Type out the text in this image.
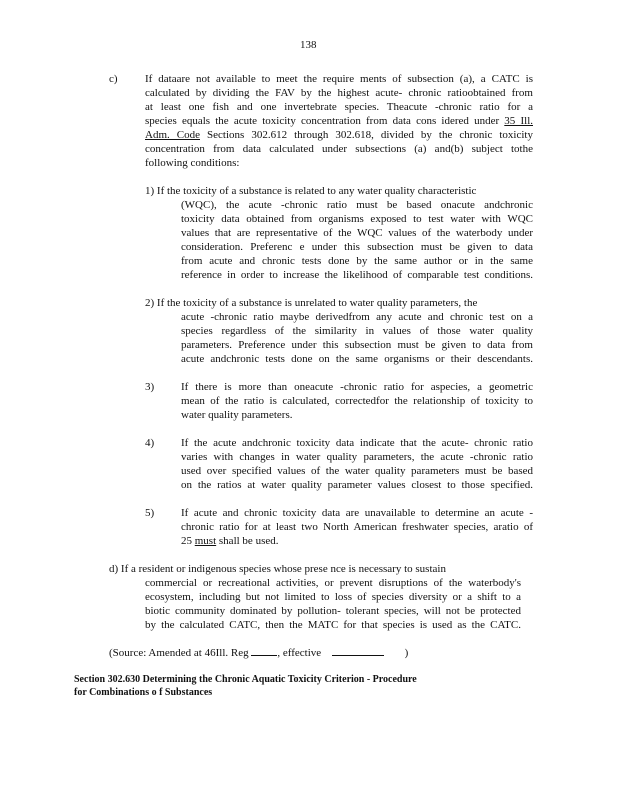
138
c) If dataare not available to meet the require ments of subsection (a), a CATC is
calculated by dividing the FAV by the highest acute- chronic ratioobtained from
at least one fish and one invertebrate species. Theacute -chronic ratio for a
species equals the acute toxicity concentration from data cons idered under 35 Ill.
Adm. Code Sections 302.612 through 302.618, divided by the chronic toxicity
concentration from data calculated under subsections (a) and(b) subject tothe
following conditions:
1) If the toxicity of a substance is related to any water quality characteristic
(WQC), the acute -chronic ratio must be based onacute andchronic
toxicity data obtained from organisms exposed to test water with WQC
values that are representative of the WQC values of the waterbody under
consideration. Preferenc e under this subsection must be given to data
from acute and chronic tests done by the same author or in the same
reference in order to increase the likelihood of comparable test conditions.
2) If the toxicity of a substance is unrelated to water quality parameters, the
acute -chronic ratio maybe derivedfrom any acute and chronic test on a
species regardless of the similarity in values of those water quality
parameters. Preference under this subsection must be given to data from
acute andchronic tests done on the same organisms or their descendants.
3) If there is more than oneacute -chronic ratio for aspecies, a geometric
mean of the ratio is calculated, correctedfor the relationship of toxicity to
water quality parameters.
4) If the acute andchronic toxicity data indicate that the acute- chronic ratio
varies with changes in water quality parameters, the acute -chronic ratio
used over specified values of the water quality parameters must be based
on the ratios at water quality parameter values closest to those specified.
5) If acute and chronic toxicity data are unavailable to determine an acute -
chronic ratio for at least two North American freshwater species, aratio of
25 must shall be used.
d) If a resident or indigenous species whose prese nce is necessary to sustain
commercial or recreational activities, or prevent disruptions of the waterbody's
ecosystem, including but not limited to loss of species diversity or a shift to a
biotic community dominated by pollution- tolerant species, will not be protected
by the calculated CATC, then the MATC for that species is used as the CATC.
(Source: Amended at 46Ill. Reg	, effective	)
Section 302.630 Determining the Chronic Aquatic Toxicity Criterion - Procedure
for Combinations o f Substances
